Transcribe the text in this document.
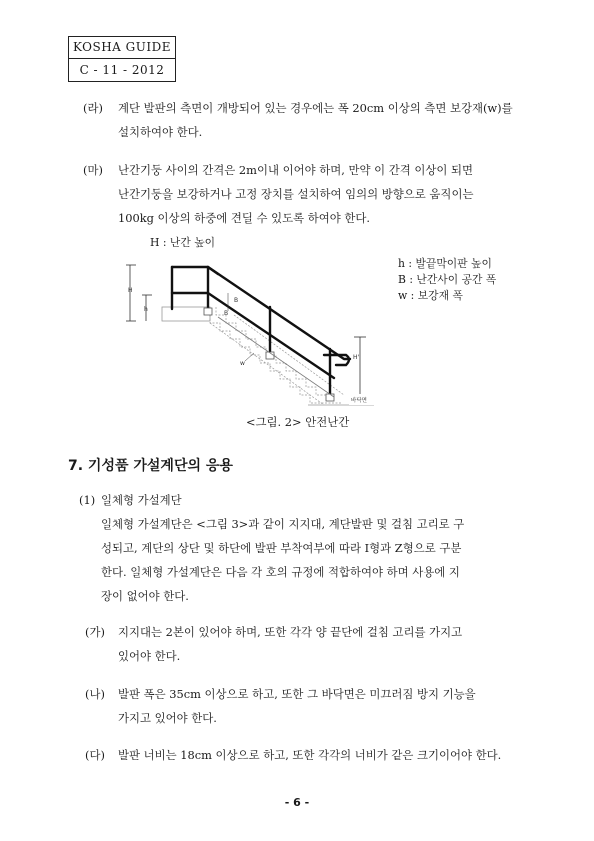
KOSHA GUIDE
C - 11 - 2012
(라) 계단 발판의 측면이 개방되어 있는 경우에는 폭 20cm 이상의 측면 보강재(w)를
설치하여야 한다.
(마) 난간기둥 사이의 간격은 2m이내 이어야 하며, 만약 이 간격 이상이 되면
난간기둥을 보강하거나 고정 장치를 설치하여 임의의 방향으로 움직이는
100kg 이상의 하중에 견딜 수 있도록 하여야 한다.
H : 난간 높이
h : 발끝막이판 높이
B : 난간사이 공간 폭
w : 보강재 폭
H
h
H'
B
B
w
바닥면
<그림. 2> 안전난간
7. 기성품 가설계단의 응용
(1) 일체형 가설계단
일체형 가설계단은 <그림 3>과 같이 지지대, 계단발판 및 걸침 고리로 구
성되고, 계단의 상단 및 하단에 발판 부착여부에 따라 I형과 Z형으로 구분
한다. 일체형 가설계단은 다음 각 호의 규정에 적합하여야 하며 사용에 지
장이 없어야 한다.
(가) 지지대는 2본이 있어야 하며, 또한 각각 양 끝단에 걸침 고리를 가지고
있어야 한다.
(나) 발판 폭은 35cm 이상으로 하고, 또한 그 바닥면은 미끄러짐 방지 기능을
가지고 있어야 한다.
(다) 발판 너비는 18cm 이상으로 하고, 또한 각각의 너비가 같은 크기이어야 한다.
- 6 -
